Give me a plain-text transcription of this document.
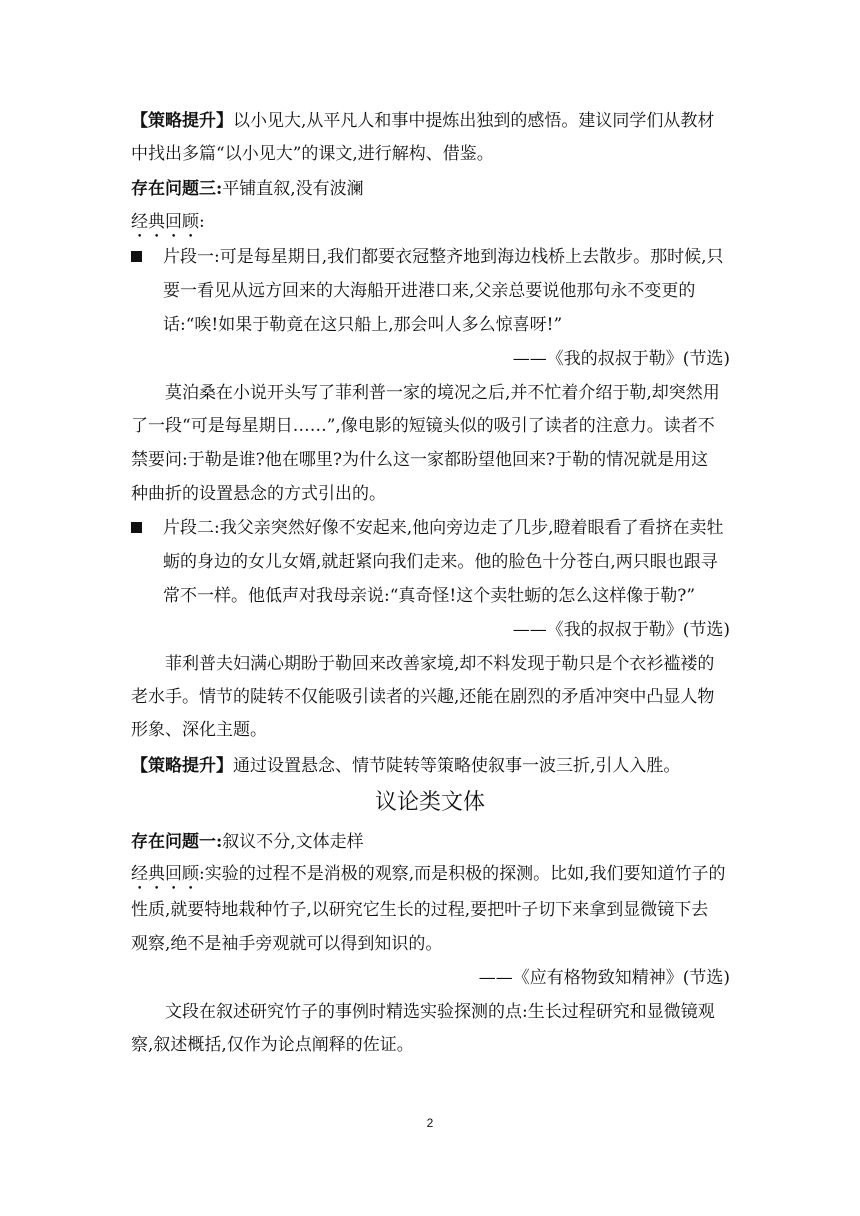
【策略提升】以小见大,从平凡人和事中提炼出独到的感悟。建议同学们从教材
中找出多篇“以小见大”的课文,进行解构、借鉴。
存在问题三:平铺直叙,没有波澜
经典回顾:
片段一:可是每星期日,我们都要衣冠整齐地到海边栈桥上去散步。那时候,只
要一看见从远方回来的大海船开进港口来,父亲总要说他那句永不变更的
话:“唉!如果于勒竟在这只船上,那会叫人多么惊喜呀!”
——《我的叔叔于勒》(节选)
莫泊桑在小说开头写了菲利普一家的境况之后,并不忙着介绍于勒,却突然用
了一段“可是每星期日……”,像电影的短镜头似的吸引了读者的注意力。读者不
禁要问:于勒是谁?他在哪里?为什么这一家都盼望他回来?于勒的情况就是用这
种曲折的设置悬念的方式引出的。
片段二:我父亲突然好像不安起来,他向旁边走了几步,瞪着眼看了看挤在卖牡
蛎的身边的女儿女婿,就赶紧向我们走来。他的脸色十分苍白,两只眼也跟寻
常不一样。他低声对我母亲说:“真奇怪!这个卖牡蛎的怎么这样像于勒?”
——《我的叔叔于勒》(节选)
菲利普夫妇满心期盼于勒回来改善家境,却不料发现于勒只是个衣衫褴褛的
老水手。情节的陡转不仅能吸引读者的兴趣,还能在剧烈的矛盾冲突中凸显人物
形象、深化主题。
【策略提升】通过设置悬念、情节陡转等策略使叙事一波三折,引人入胜。
议论类文体
存在问题一:叙议不分,文体走样
经典回顾:实验的过程不是消极的观察,而是积极的探测。比如,我们要知道竹子的
性质,就要特地栽种竹子,以研究它生长的过程,要把叶子切下来拿到显微镜下去
观察,绝不是袖手旁观就可以得到知识的。
——《应有格物致知精神》(节选)
文段在叙述研究竹子的事例时精选实验探测的点:生长过程研究和显微镜观
察,叙述概括,仅作为论点阐释的佐证。
2
